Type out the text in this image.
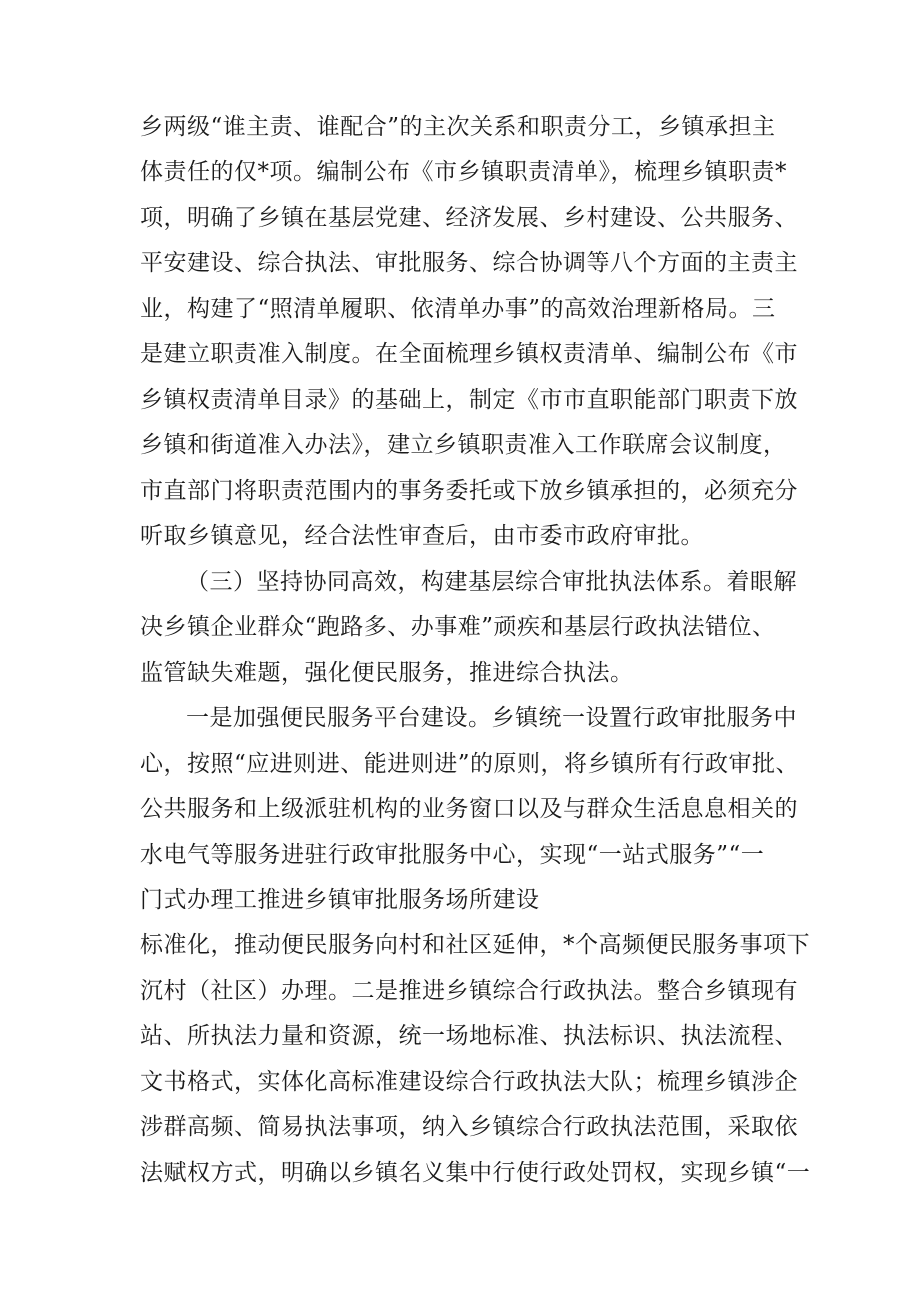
乡两级“谁主责、谁配合”的主次关系和职责分工，乡镇承担主
体责任的仅*项。编制公布《市乡镇职责清单》，梳理乡镇职责*
项，明确了乡镇在基层党建、经济发展、乡村建设、公共服务、
平安建设、综合执法、审批服务、综合协调等八个方面的主责主
业，构建了“照清单履职、依清单办事”的高效治理新格局。三
是建立职责准入制度。在全面梳理乡镇权责清单、编制公布《市
乡镇权责清单目录》的基础上，制定《市市直职能部门职责下放
乡镇和街道准入办法》，建立乡镇职责准入工作联席会议制度，
市直部门将职责范围内的事务委托或下放乡镇承担的，必须充分
听取乡镇意见，经合法性审查后，由市委市政府审批。
（三）坚持协同高效，构建基层综合审批执法体系。着眼解
决乡镇企业群众“跑路多、办事难”顽疾和基层行政执法错位、
监管缺失难题，强化便民服务，推进综合执法。
一是加强便民服务平台建设。乡镇统一设置行政审批服务中
心，按照“应进则进、能进则进”的原则，将乡镇所有行政审批、
公共服务和上级派驻机构的业务窗口以及与群众生活息息相关的
水电气等服务进驻行政审批服务中心，实现“一站式服务”“一
门式办理工推进乡镇审批服务场所建设
标准化，推动便民服务向村和社区延伸，*个高频便民服务事项下
沉村（社区）办理。二是推进乡镇综合行政执法。整合乡镇现有
站、所执法力量和资源，统一场地标准、执法标识、执法流程、
文书格式，实体化高标准建设综合行政执法大队；梳理乡镇涉企
涉群高频、简易执法事项，纳入乡镇综合行政执法范围，采取依
法赋权方式，明确以乡镇名义集中行使行政处罚权，实现乡镇“一
